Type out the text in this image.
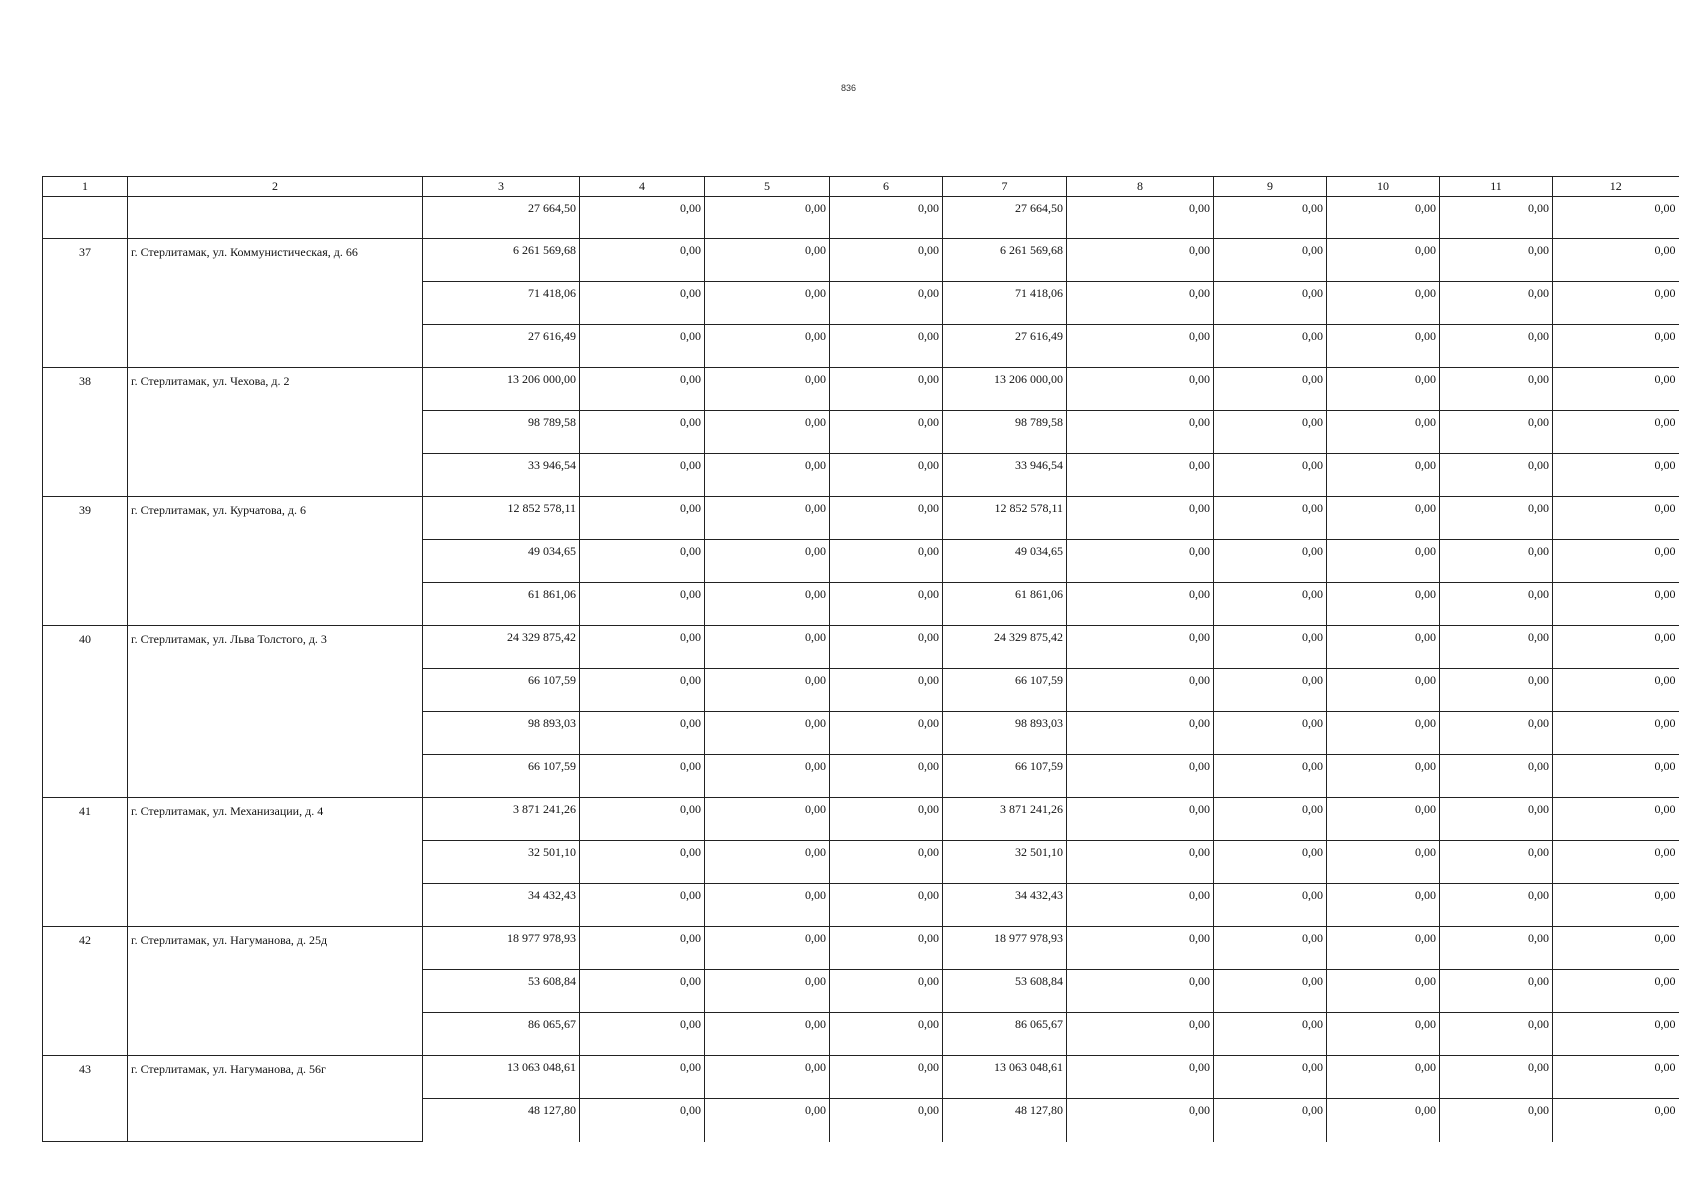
836
1	2	3	4	5	6	7	8	9	10	11	12
		27 664,50	0,00	0,00	0,00	27 664,50	0,00	0,00	0,00	0,00	0,00
37	г. Стерлитамак, ул. Коммунистическая, д. 66	6 261 569,68	0,00	0,00	0,00	6 261 569,68	0,00	0,00	0,00	0,00	0,00
		71 418,06	0,00	0,00	0,00	71 418,06	0,00	0,00	0,00	0,00	0,00
		27 616,49	0,00	0,00	0,00	27 616,49	0,00	0,00	0,00	0,00	0,00
38	г. Стерлитамак, ул. Чехова, д. 2	13 206 000,00	0,00	0,00	0,00	13 206 000,00	0,00	0,00	0,00	0,00	0,00
		98 789,58	0,00	0,00	0,00	98 789,58	0,00	0,00	0,00	0,00	0,00
		33 946,54	0,00	0,00	0,00	33 946,54	0,00	0,00	0,00	0,00	0,00
39	г. Стерлитамак, ул. Курчатова, д. 6	12 852 578,11	0,00	0,00	0,00	12 852 578,11	0,00	0,00	0,00	0,00	0,00
		49 034,65	0,00	0,00	0,00	49 034,65	0,00	0,00	0,00	0,00	0,00
		61 861,06	0,00	0,00	0,00	61 861,06	0,00	0,00	0,00	0,00	0,00
40	г. Стерлитамак, ул. Льва Толстого, д. 3	24 329 875,42	0,00	0,00	0,00	24 329 875,42	0,00	0,00	0,00	0,00	0,00
		66 107,59	0,00	0,00	0,00	66 107,59	0,00	0,00	0,00	0,00	0,00
		98 893,03	0,00	0,00	0,00	98 893,03	0,00	0,00	0,00	0,00	0,00
		66 107,59	0,00	0,00	0,00	66 107,59	0,00	0,00	0,00	0,00	0,00
41	г. Стерлитамак, ул. Механизации, д. 4	3 871 241,26	0,00	0,00	0,00	3 871 241,26	0,00	0,00	0,00	0,00	0,00
		32 501,10	0,00	0,00	0,00	32 501,10	0,00	0,00	0,00	0,00	0,00
		34 432,43	0,00	0,00	0,00	34 432,43	0,00	0,00	0,00	0,00	0,00
42	г. Стерлитамак, ул. Нагуманова, д. 25д	18 977 978,93	0,00	0,00	0,00	18 977 978,93	0,00	0,00	0,00	0,00	0,00
		53 608,84	0,00	0,00	0,00	53 608,84	0,00	0,00	0,00	0,00	0,00
		86 065,67	0,00	0,00	0,00	86 065,67	0,00	0,00	0,00	0,00	0,00
43	г. Стерлитамак, ул. Нагуманова, д. 56г	13 063 048,61	0,00	0,00	0,00	13 063 048,61	0,00	0,00	0,00	0,00	0,00
		48 127,80	0,00	0,00	0,00	48 127,80	0,00	0,00	0,00	0,00	0,00
